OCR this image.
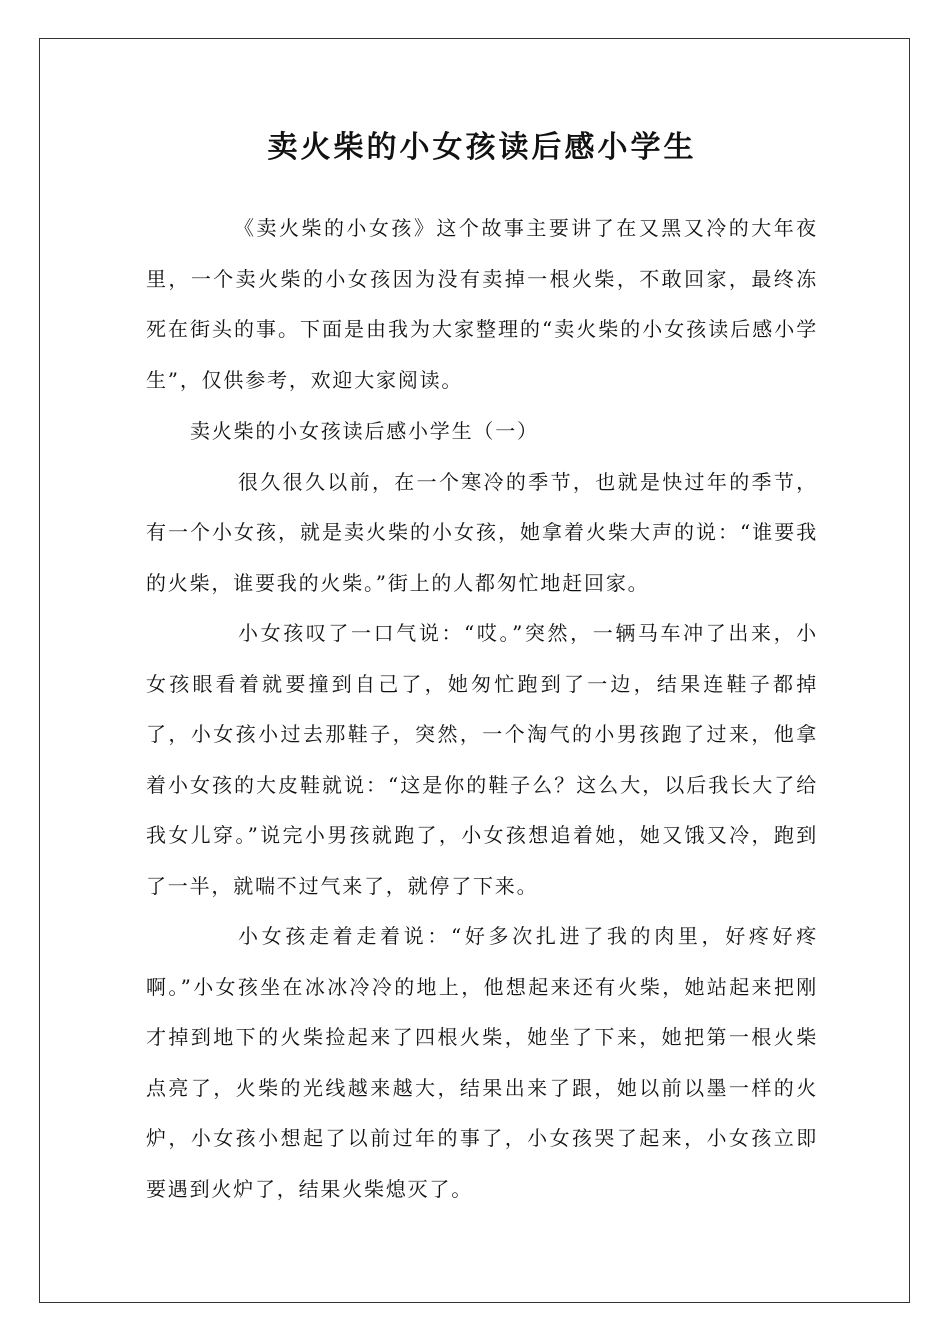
卖火柴的小女孩读后感小学生

《卖火柴的小女孩》这个故事主要讲了在又黑又冷的大年夜里，一个卖火柴的小女孩因为没有卖掉一根火柴，不敢回家，最终冻死在街头的事。下面是由我为大家整理的“卖火柴的小女孩读后感小学生”，仅供参考，欢迎大家阅读。

卖火柴的小女孩读后感小学生（一）

很久很久以前，在一个寒冷的季节，也就是快过年的季节，有一个小女孩，就是卖火柴的小女孩，她拿着火柴大声的说：“谁要我的火柴，谁要我的火柴。”街上的人都匆忙地赶回家。

小女孩叹了一口气说：“哎。”突然，一辆马车冲了出来，小女孩眼看着就要撞到自己了，她匆忙跑到了一边，结果连鞋子都掉了，小女孩小过去那鞋子，突然，一个淘气的小男孩跑了过来，他拿着小女孩的大皮鞋就说：“这是你的鞋子么？这么大，以后我长大了给我女儿穿。”说完小男孩就跑了，小女孩想追着她，她又饿又冷，跑到了一半，就喘不过气来了，就停了下来。

小女孩走着走着说：“好多次扎进了我的肉里，好疼好疼啊。”小女孩坐在冰冰冷冷的地上，他想起来还有火柴，她站起来把刚才掉到地下的火柴捡起来了四根火柴，她坐了下来，她把第一根火柴点亮了，火柴的光线越来越大，结果出来了跟，她以前以墨一样的火炉，小女孩小想起了以前过年的事了，小女孩哭了起来，小女孩立即要遇到火炉了，结果火柴熄灭了。
